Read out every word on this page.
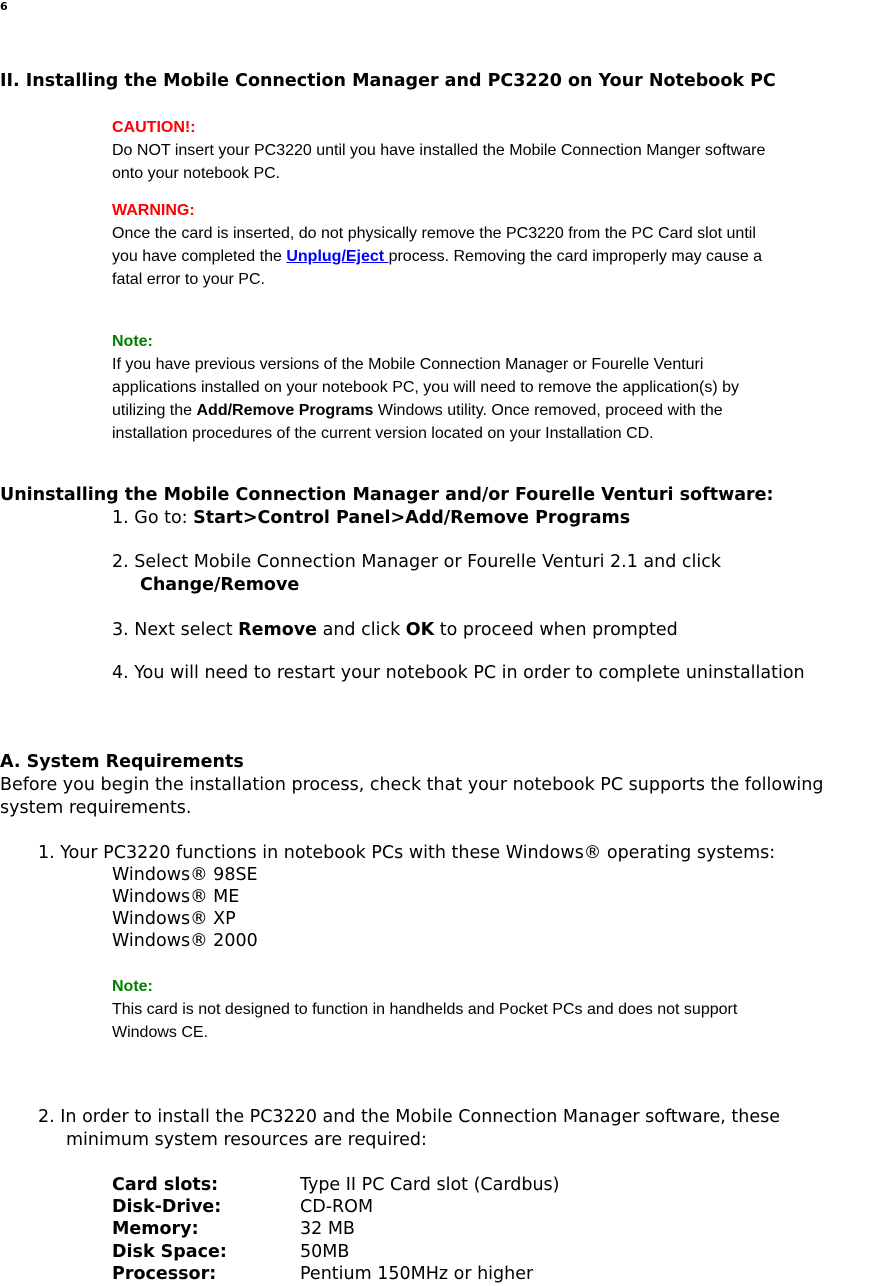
6
II. Installing the Mobile Connection Manager and PC3220 on Your Notebook PC
CAUTION!:
Do NOT insert your PC3220 until you have installed the Mobile Connection Manger software
onto your notebook PC.
WARNING:
Once the card is inserted, do not physically remove the PC3220 from the PC Card slot until
you have completed the Unplug/Eject process. Removing the card improperly may cause a
fatal error to your PC.
Note:
If you have previous versions of the Mobile Connection Manager or Fourelle Venturi
applications installed on your notebook PC, you will need to remove the application(s) by
utilizing the Add/Remove Programs Windows utility. Once removed, proceed with the
installation procedures of the current version located on your Installation CD.
Uninstalling the Mobile Connection Manager and/or Fourelle Venturi software:
1. Go to: Start>Control Panel>Add/Remove Programs
2. Select Mobile Connection Manager or Fourelle Venturi 2.1 and click
Change/Remove
3. Next select Remove and click OK to proceed when prompted
4. You will need to restart your notebook PC in order to complete uninstallation
A. System Requirements
Before you begin the installation process, check that your notebook PC supports the following
system requirements.
1. Your PC3220 functions in notebook PCs with these Windows® operating systems:
Windows® 98SE
Windows® ME
Windows® XP
Windows® 2000
Note:
This card is not designed to function in handhelds and Pocket PCs and does not support
Windows CE.
2. In order to install the PC3220 and the Mobile Connection Manager software, these
minimum system resources are required:
Card slots:	Type II PC Card slot (Cardbus)
Disk-Drive:	CD-ROM
Memory:	32 MB
Disk Space:	50MB
Processor:	Pentium 150MHz or higher
